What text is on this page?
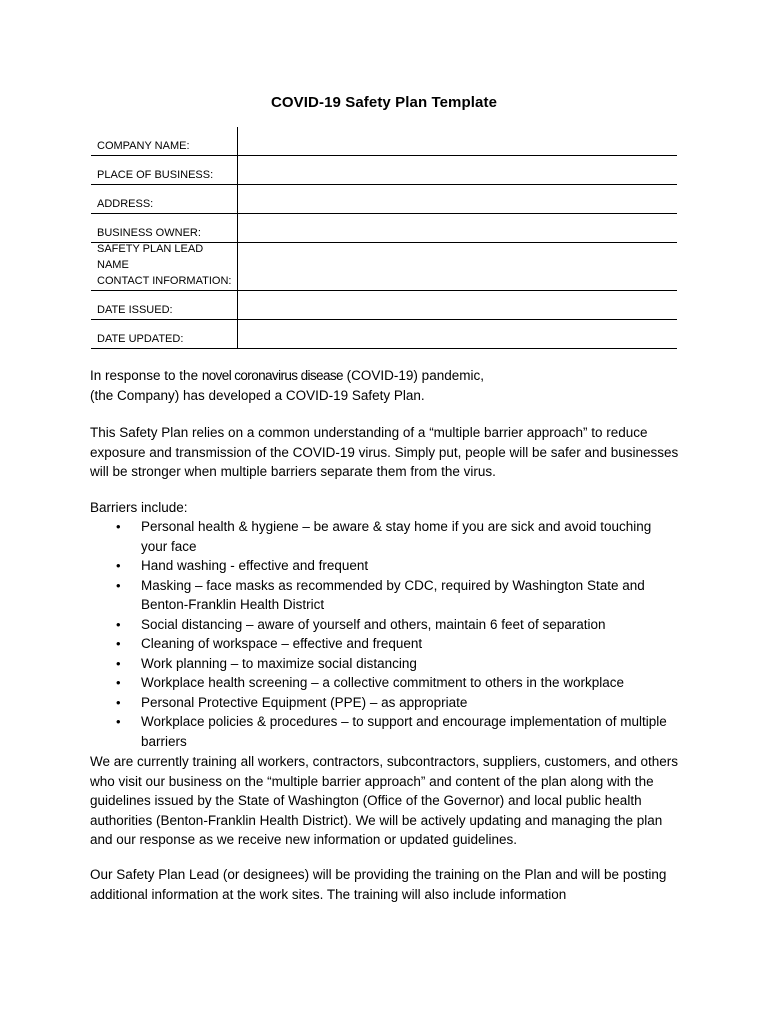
COVID-19 Safety Plan Template
COMPANY NAME:
PLACE OF BUSINESS:
ADDRESS:
BUSINESS OWNER:
SAFETY PLAN LEAD NAME
CONTACT INFORMATION:
DATE ISSUED:
DATE UPDATED:
In response to the novel coronavirus disease (COVID-19) pandemic,
(the Company) has developed a COVID-19 Safety Plan.
This Safety Plan relies on a common understanding of a “multiple barrier approach” to reduce exposure and transmission of the COVID-19 virus. Simply put, people will be safer and businesses will be stronger when multiple barriers separate them from the virus.
Barriers include:
• Personal health & hygiene – be aware & stay home if you are sick and avoid touching your face
• Hand washing - effective and frequent
• Masking – face masks as recommended by CDC, required by Washington State and Benton-Franklin Health District
• Social distancing – aware of yourself and others, maintain 6 feet of separation
• Cleaning of workspace – effective and frequent
• Work planning – to maximize social distancing
• Workplace health screening – a collective commitment to others in the workplace
• Personal Protective Equipment (PPE) – as appropriate
• Workplace policies & procedures – to support and encourage implementation of multiple barriers
We are currently training all workers, contractors, subcontractors, suppliers, customers, and others who visit our business on the “multiple barrier approach” and content of the plan along with the guidelines issued by the State of Washington (Office of the Governor) and local public health authorities (Benton-Franklin Health District). We will be actively updating and managing the plan and our response as we receive new information or updated guidelines.
Our Safety Plan Lead (or designees) will be providing the training on the Plan and will be posting additional information at the work sites. The training will also include information
